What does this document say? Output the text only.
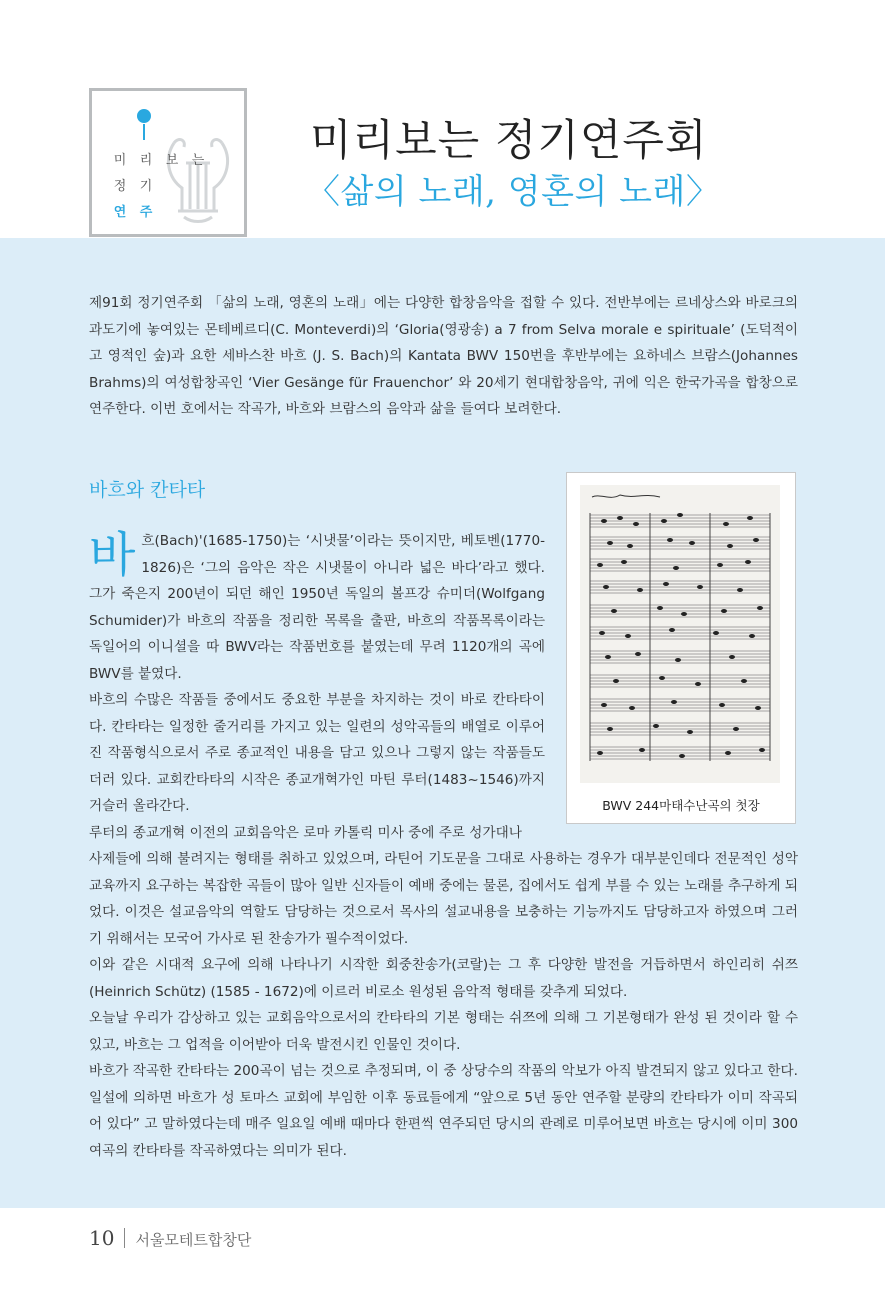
미 리 보 는
정 기
연 주
미리보는 정기연주회
〈삶의 노래, 영혼의 노래〉
제91회 정기연주회 「삶의 노래, 영혼의 노래」에는 다양한 합창음악을 접할 수 있다. 전반부에는 르네상스와 바로크의 과도기에 놓여있는 몬테베르디(C. Monteverdi)의 ‘Gloria(영광송) a 7 from Selva morale e spirituale’ (도덕적이고 영적인 숲)과 요한 세바스찬 바흐 (J. S. Bach)의 Kantata BWV 150번을 후반부에는 요하네스 브람스(Johannes Brahms)의 여성합창곡인 ‘Vier Gesänge für Frauenchor’ 와 20세기 현대합창음악, 귀에 익은 한국가곡을 합창으로 연주한다. 이번 호에서는 작곡가, 바흐와 브람스의 음악과 삶을 들여다 보려한다.
바흐와 칸타타
BWV 244마태수난곡의 첫장
바 흐(Bach)'(1685-1750)는 ‘시냇물’이라는 뜻이지만, 베토벤(1770-1826)은 ‘그의 음악은 작은 시냇물이 아니라 넓은 바다’라고 했다. 그가 죽은지 200년이 되던 해인 1950년 독일의 볼프강 슈미더(Wolfgang Schumider)가 바흐의 작품을 정리한 목록을 출판, 바흐의 작품목록이라는 독일어의 이니셜을 따 BWV라는 작품번호를 붙였는데 무려 1120개의 곡에 BWV를 붙였다.

바흐의 수많은 작품들 중에서도 중요한 부분을 차지하는 것이 바로 칸타타이다. 칸타타는 일정한 줄거리를 가지고 있는 일련의 성악곡들의 배열로 이루어진 작품형식으로서 주로 종교적인 내용을 담고 있으나 그렇지 않는 작품들도 더러 있다. 교회칸타타의 시작은 종교개혁가인 마틴 루터(1483~1546)까지 거슬러 올라간다.

루터의 종교개혁 이전의 교회음악은 로마 카톨릭 미사 중에 주로 성가대나

사제들에 의해 불려지는 형태를 취하고 있었으며, 라틴어 기도문을 그대로 사용하는 경우가 대부분인데다 전문적인 성악교육까지 요구하는 복잡한 곡들이 많아 일반 신자들이 예배 중에는 물론, 집에서도 쉽게 부를 수 있는 노래를 추구하게 되었다. 이것은 설교음악의 역할도 담당하는 것으로서 목사의 설교내용을 보충하는 기능까지도 담당하고자 하였으며 그러기 위해서는 모국어 가사로 된 찬송가가 필수적이었다.

이와 같은 시대적 요구에 의해 나타나기 시작한 회중찬송가(코랄)는 그 후 다양한 발전을 거듭하면서 하인리히 쉬쯔(Heinrich Schütz) (1585 - 1672)에 이르러 비로소 원성된 음악적 형태를 갖추게 되었다.

오늘날 우리가 감상하고 있는 교회음악으로서의 칸타타의 기본 형태는 쉬쯔에 의해 그 기본형태가 완성 된 것이라 할 수 있고, 바흐는 그 업적을 이어받아 더욱 발전시킨 인물인 것이다.

바흐가 작곡한 칸타타는 200곡이 넘는 것으로 추정되며, 이 중 상당수의 작품의 악보가 아직 발견되지 않고 있다고 한다. 일설에 의하면 바흐가 성 토마스 교회에 부임한 이후 동료들에게 “앞으로 5년 동안 연주할 분량의 칸타타가 이미 작곡되어 있다” 고 말하였다는데 매주 일요일 예배 때마다 한편씩 연주되던 당시의 관례로 미루어보면 바흐는 당시에 이미 300여곡의 칸타타를 작곡하였다는 의미가 된다.

10 서울모테트합창단
